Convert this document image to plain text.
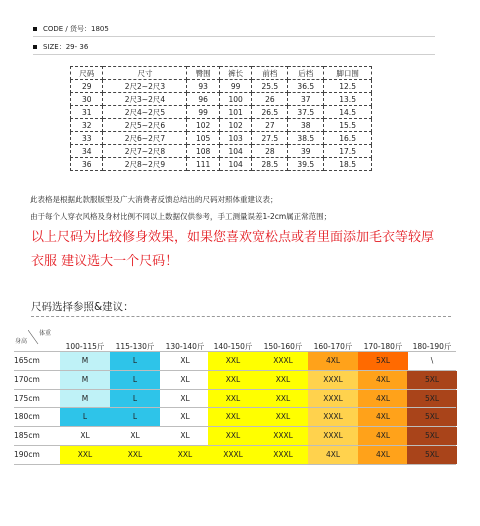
CODE / 货号：1805
SIZE：29- 36
尺码	尺寸	臀围	裤长	前档	后档	脚口围
29	2尺2~2尺3	93	99	25.5	36.5	12.5
30	2尺3~2尺4	96	100	26	37	13.5
31	2尺4~2尺5	99	101	26.5	37.5	14.5
32	2尺5~2尺6	102	102	27	38	15.5
33	2尺6~2尺7	105	103	27.5	38.5	16.5
34	2尺7~2尺8	108	104	28	39	17.5
36	2尺8~2尺9	111	104	28.5	39.5	18.5
此表格是根据此款服版型及广大消费者反馈总结出的尺码对照体重建议表；
由于每个人穿衣风格及身材比例不同以上数据仅供参考，手工测量误差1-2cm属正常范围；
以上尺码为比较修身效果，如果您喜欢宽松点或者里面添加毛衣等较厚
衣服 建议选大一个尺码！
尺码选择参照&建议：
身高
体重
100-115斤	115-130斤	130-140斤	140-150斤	150-160斤	160-170斤	170-180斤	180-190斤
165cm	M	L	XL	XXL	XXXL	4XL	5XL	\
170cm	M	L	XL	XXL	XXL	XXXL	4XL	5XL
175cm	M	L	XL	XXL	XXL	XXXL	4XL	5XL
180cm	L	L	XL	XXL	XXL	XXXL	4XL	5XL
185cm	XL	XL	XL	XXL	XXXL	XXXL	4XL	5XL
190cm	XXL	XXL	XXL	XXXL	XXXL	4XL	4XL	5XL
